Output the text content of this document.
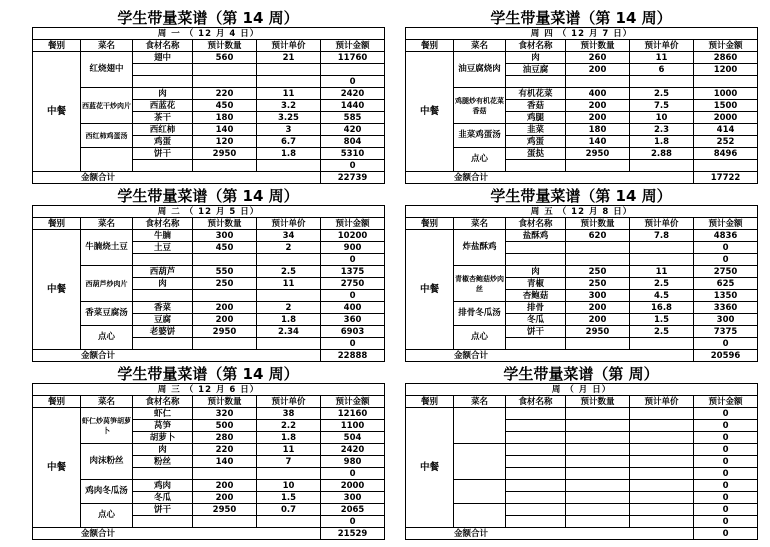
学生带量菜谱（第 14 周）
周 一 （ 12 月 4 日）					
餐别	菜名	食材名称	预计数量	预计单价	预计金额
中餐	红烧翅中	翅中	560	21	11760

					0
	西蓝花干炒肉片	肉	220	11	2420
		西蓝花	450	3.2	1440
		茶干	180	3.25	585
	西红柿鸡蛋汤	西红柿	140	3	420
		鸡蛋	120	6.7	804
		饼干	2950	1.8	5310
					0
金额合计					22739
学生带量菜谱（第 14 周）
周 四 （ 12 月 7 日）					
餐别	菜名	食材名称	预计数量	预计单价	预计金额
中餐	油豆腐烧肉	肉	260	11	2860
		油豆腐	200	6	1200

	鸡腿炒有机花菜香菇	有机花菜	400	2.5	1000
		香菇	200	7.5	1500
		鸡腿	200	10	2000
	韭菜鸡蛋汤	韭菜	180	2.3	414
		鸡蛋	140	1.8	252
	点心	蛋挞	2950	2.88	8496

金额合计					17722
学生带量菜谱（第 14 周）
周 二 （ 12 月 5 日）					
餐别	菜名	食材名称	预计数量	预计单价	预计金额
中餐	牛腩烧土豆	牛腩	300	34	10200
		土豆	450	2	900
					0
	西葫芦炒肉片	西葫芦	550	2.5	1375
		肉	250	11	2750
					0
	香菜豆腐汤	香菜	200	2	400
		豆腐	200	1.8	360
	点心	老婆饼	2950	2.34	6903
					0
金额合计					22888
学生带量菜谱（第 14 周）
周 五 （ 12 月 8 日）					
餐别	菜名	食材名称	预计数量	预计单价	预计金额
中餐	炸盐酥鸡	盐酥鸡	620	7.8	4836
					0
					0
	青椒杏鲍菇炒肉丝	肉	250	11	2750
		青椒	250	2.5	625
		杏鲍菇	300	4.5	1350
	排骨冬瓜汤	排骨	200	16.8	3360
		冬瓜	200	1.5	300
	点心	饼干	2950	2.5	7375
					0
金额合计					20596
学生带量菜谱（第 14 周）
周 三 （ 12 月 6 日）					
餐别	菜名	食材名称	预计数量	预计单价	预计金额
中餐	虾仁炒莴笋胡萝卜	虾仁	320	38	12160
		莴笋	500	2.2	1100
		胡萝卜	280	1.8	504
	肉沫粉丝	肉	220	11	2420
		粉丝	140	7	980
					0
	鸡肉冬瓜汤	鸡肉	200	10	2000
		冬瓜	200	1.5	300
	点心	饼干	2950	0.7	2065
					0
金额合计					21529
学生带量菜谱（第 周）
周 （ 月 日）					
餐别	菜名	食材名称	预计数量	预计单价	预计金额
中餐					0
					0
					0
					0
					0
					0
					0
					0
					0
					0
金额合计					0
